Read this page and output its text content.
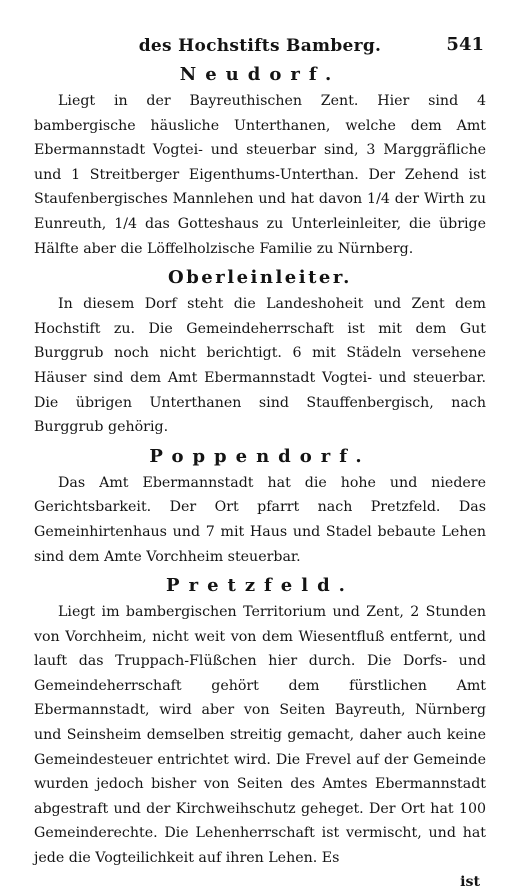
des Hochstifts Bamberg.	541
Neudorf.

Liegt in der Bayreuthischen Zent. Hier sind 4 bambergische häusliche Unterthanen, welche dem Amt Ebermannstadt Vogtei- und steuerbar sind, 3 Marggräfliche und 1 Streitberger Eigenthums-Unterthan. Der Zehend ist Staufenbergisches Mannlehen und hat davon 1/4 der Wirth zu Eunreuth, 1/4 das Gotteshaus zu Unterleinleiter, die übrige Hälfte aber die Löffelholzische Familie zu Nürnberg.

Oberleinleiter.

In diesem Dorf steht die Landeshoheit und Zent dem Hochstift zu. Die Gemeindeherrschaft ist mit dem Gut Burggrub noch nicht berichtigt. 6 mit Städeln versehene Häuser sind dem Amt Ebermannstadt Vogtei- und steuerbar. Die übrigen Unterthanen sind Stauffenbergisch, nach Burggrub gehörig.

Poppendorf.

Das Amt Ebermannstadt hat die hohe und niedere Gerichtsbarkeit. Der Ort pfarrt nach Pretzfeld. Das Gemeinhirtenhaus und 7 mit Haus und Stadel bebaute Lehen sind dem Amte Vorchheim steuerbar.

Pretzfeld.

Liegt im bambergischen Territorium und Zent, 2 Stunden von Vorchheim, nicht weit von dem Wiesentfluß entfernt, und lauft das Truppach-Flüßchen hier durch. Die Dorfs- und Gemeindeherrschaft gehört dem fürstlichen Amt Ebermannstadt, wird aber von Seiten Bayreuth, Nürnberg und Seinsheim demselben streitig gemacht, daher auch keine Gemeindesteuer entrichtet wird. Die Frevel auf der Gemeinde wurden jedoch bisher von Seiten des Amtes Ebermannstadt abgestraft und der Kirchweihschutz geheget. Der Ort hat 100 Gemeinderechte. Die Lehenherrschaft ist vermischt, und hat jede die Vogteilichkeit auf ihren Lehen. Es

ist
